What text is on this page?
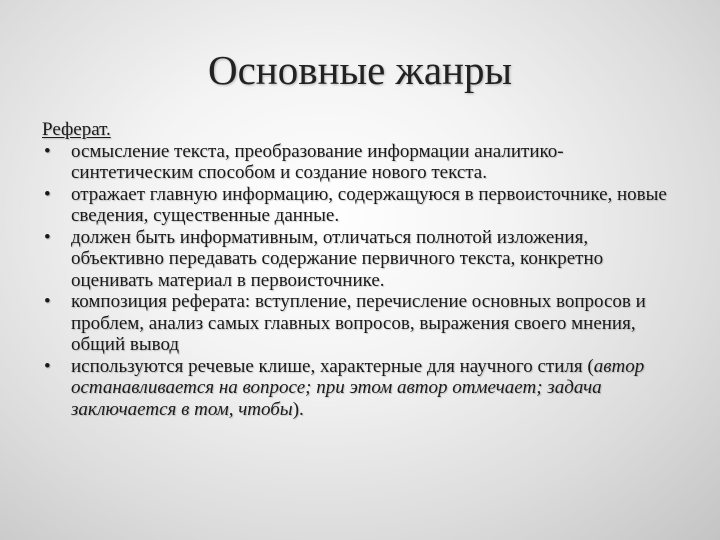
Основные жанры

Реферат.

• осмысление текста, преобразование информации аналитико-синтетическим способом и создание нового текста.
• отражает главную информацию, содержащуюся в первоисточнике, новые сведения, существенные данные.
• должен быть информативным, отличаться полнотой изложения, объективно передавать содержание первичного текста, конкретно оценивать материал в первоисточнике.
• композиция реферата: вступление, перечисление основных вопросов и проблем, анализ самых главных вопросов, выражения своего мнения, общий вывод
• используются речевые клише, характерные для научного стиля (автор останавливается на вопросе; при этом автор отмечает; задача заключается в том, чтобы).
